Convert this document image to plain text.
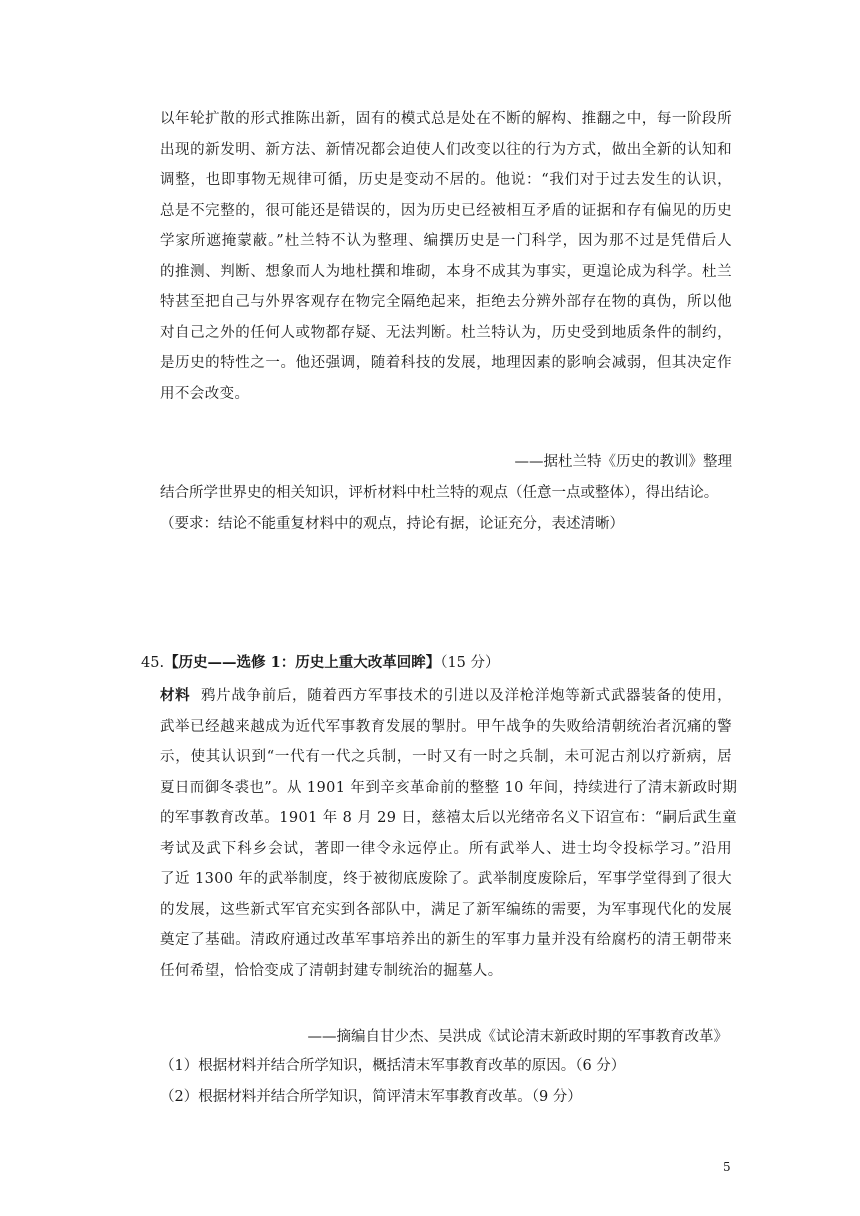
以年轮扩散的形式推陈出新，固有的模式总是处在不断的解构、推翻之中，每一阶段所
出现的新发明、新方法、新情况都会迫使人们改变以往的行为方式，做出全新的认知和
调整，也即事物无规律可循，历史是变动不居的。他说：“我们对于过去发生的认识，
总是不完整的，很可能还是错误的，因为历史已经被相互矛盾的证据和存有偏见的历史
学家所遮掩蒙蔽。”杜兰特不认为整理、编撰历史是一门科学，因为那不过是凭借后人
的推测、判断、想象而人为地杜撰和堆砌，本身不成其为事实，更遑论成为科学。杜兰
特甚至把自己与外界客观存在物完全隔绝起来，拒绝去分辨外部存在物的真伪，所以他
对自己之外的任何人或物都存疑、无法判断。杜兰特认为，历史受到地质条件的制约，
是历史的特性之一。他还强调，随着科技的发展，地理因素的影响会减弱，但其决定作
用不会改变。

——据杜兰特《历史的教训》整理

结合所学世界史的相关知识，评析材料中杜兰特的观点（任意一点或整体），得出结论。

（要求：结论不能重复材料中的观点，持论有据，论证充分，表述清晰）

45.【历史——选修 1：历史上重大改革回眸】（15 分）

材料 鸦片战争前后，随着西方军事技术的引进以及洋枪洋炮等新式武器装备的使用，
武举已经越来越成为近代军事教育发展的掣肘。甲午战争的失败给清朝统治者沉痛的警
示，使其认识到“一代有一代之兵制，一时又有一时之兵制，未可泥古剂以疗新病，居
夏日而御冬裘也”。从 1901 年到辛亥革命前的整整 10 年间，持续进行了清末新政时期
的军事教育改革。1901 年 8 月 29 日，慈禧太后以光绪帝名义下诏宣布：“嗣后武生童
考试及武下科乡会试，著即一律令永远停止。所有武举人、进士均令投标学习。”沿用
了近 1300 年的武举制度，终于被彻底废除了。武举制度废除后，军事学堂得到了很大
的发展，这些新式军官充实到各部队中，满足了新军编练的需要，为军事现代化的发展
奠定了基础。清政府通过改革军事培养出的新生的军事力量并没有给腐朽的清王朝带来
任何希望，恰恰变成了清朝封建专制统治的掘墓人。

——摘编自甘少杰、吴洪成《试论清末新政时期的军事教育改革》

（1）根据材料并结合所学知识，概括清末军事教育改革的原因。（6 分）

（2）根据材料并结合所学知识，简评清末军事教育改革。（9 分）

5
